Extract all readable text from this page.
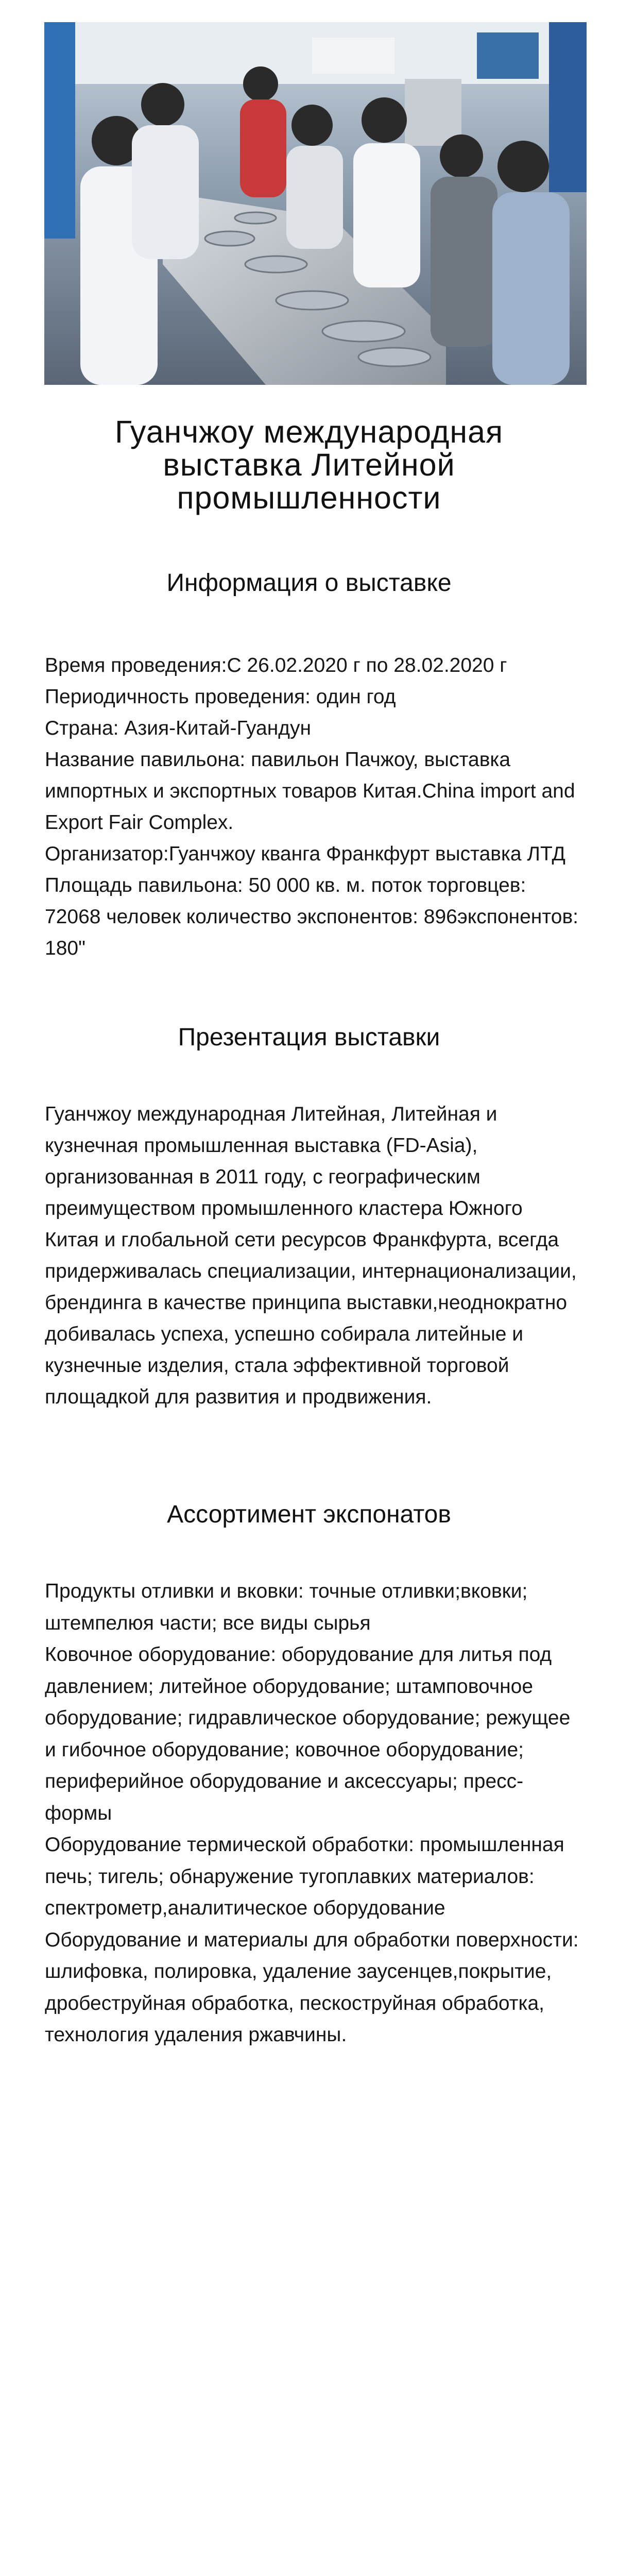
Гуанчжоу международная выставка Литейной промышленности
Информация о выставке
Время проведения:С 26.02.2020 г по 28.02.2020 г
Периодичность проведения: один год
Страна: Азия-Китай-Гуандун
Название павильона: павильон Пачжоу, выставка импортных и экспортных товаров Китая.China import and Export Fair Complex.
Организатор:Гуанчжоу кванга Франкфурт выставка ЛТД
Площадь павильона: 50 000 кв. м. поток торговцев: 72068 человек количество экспонентов: 896экспонентов: 180"
Презентация выставки

Гуанчжоу международная Литейная, Литейная и кузнечная промышленная выставка (FD-Asia), организованная в 2011 году, с географическим преимуществом промышленного кластера Южного Китая и глобальной сети ресурсов Франкфурта, всегда придерживалась специализации, интернационализации, брендинга в качестве принципа выставки,неоднократно добивалась успеха, успешно собирала литейные и кузнечные изделия, стала эффективной торговой площадкой для развития и продвижения.

Ассортимент экспонатов
Продукты отливки и вковки: точные отливки;вковки; штемпелюя части; все виды сырья
Ковочное оборудование: оборудование для литья под давлением; литейное оборудование; штамповочное оборудование; гидравлическое оборудование; режущее и гибочное оборудование; ковочное оборудование; периферийное оборудование и аксессуары; пресс-формы
Оборудование термической обработки: промышленная печь; тигель; обнаружение тугоплавких материалов: спектрометр,аналитическое оборудование
Оборудование и материалы для обработки поверхности: шлифовка, полировка, удаление заусенцев,покрытие, дробеструйная обработка, пескоструйная обработка, технология удаления ржавчины.
